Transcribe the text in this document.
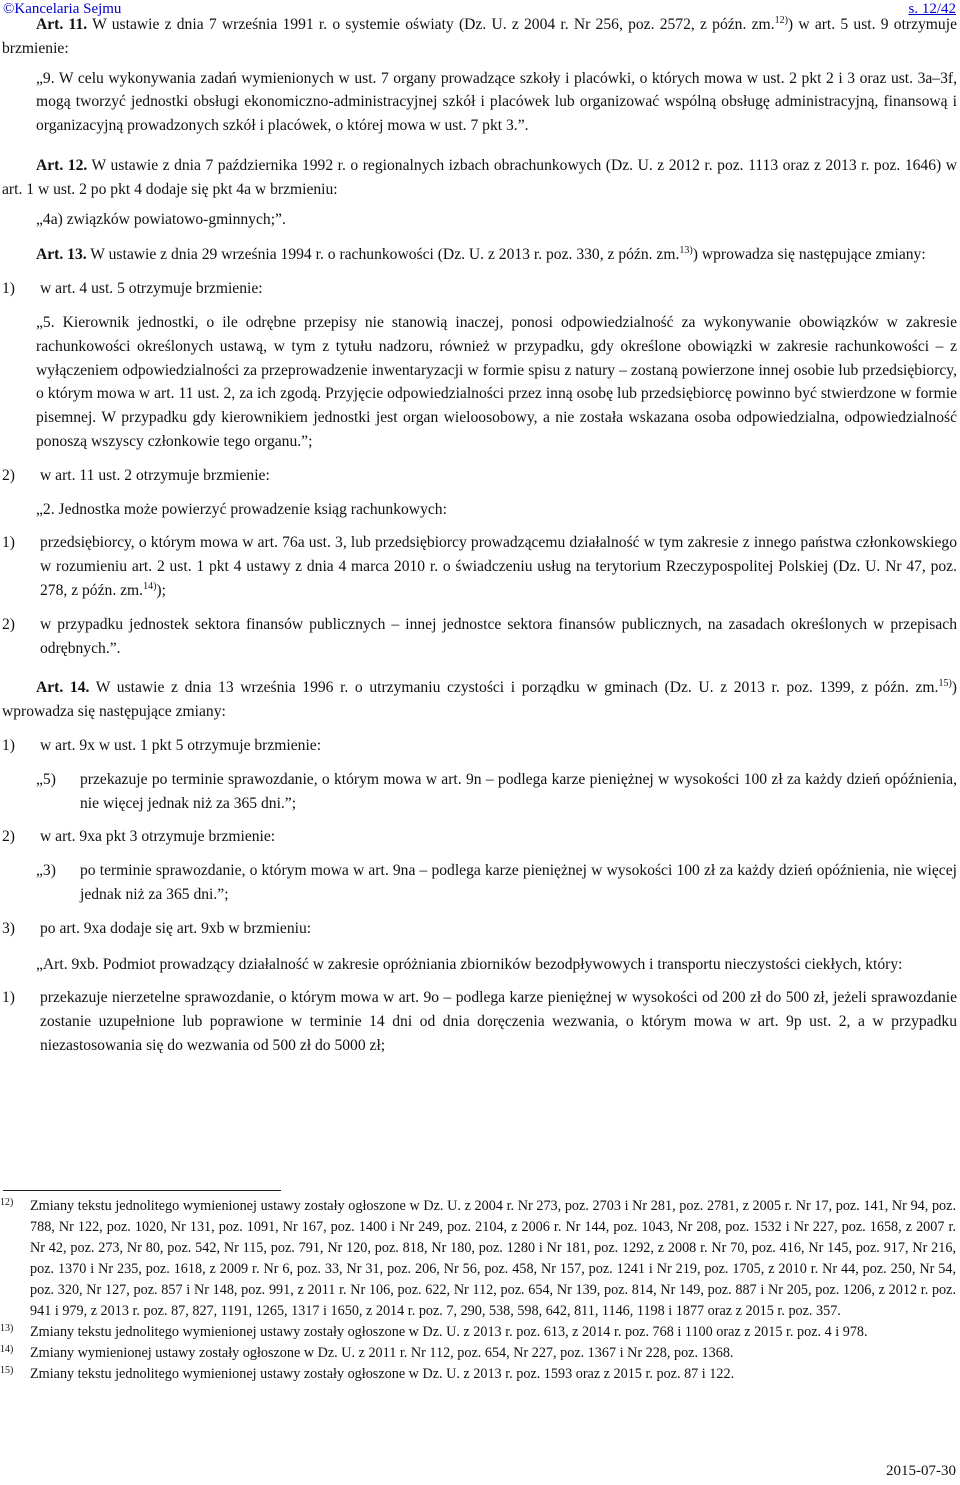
©Kancelaria Sejmu	s. 12/42

Art. 11. W ustawie z dnia 7 września 1991 r. o systemie oświaty (Dz. U. z 2004 r. Nr 256, poz. 2572, z późn. zm.$^{12)}$) w art. 5 ust. 9 otrzymuje brzmienie:

„9. W celu wykonywania zadań wymienionych w ust. 7 organy prowadzące szkoły i placówki, o których mowa w ust. 2 pkt 2 i 3 oraz ust. 3a–3f, mogą tworzyć jednostki obsługi ekonomiczno-administracyjnej szkół i placówek lub organizować wspólną obsługę administracyjną, finansową i organizacyjną prowadzonych szkół i placówek, o której mowa w ust. 7 pkt 3.”.

Art. 12. W ustawie z dnia 7 października 1992 r. o regionalnych izbach obrachunkowych (Dz. U. z 2012 r. poz. 1113 oraz z 2013 r. poz. 1646) w art. 1 w ust. 2 po pkt 4 dodaje się pkt 4a w brzmieniu:

„4a) związków powiatowo-gminnych;”.

Art. 13. W ustawie z dnia 29 września 1994 r. o rachunkowości (Dz. U. z 2013 r. poz. 330, z późn. zm.$^{13)}$) wprowadza się następujące zmiany:

1)	w art. 4 ust. 5 otrzymuje brzmienie:

„5. Kierownik jednostki, o ile odrębne przepisy nie stanowią inaczej, ponosi odpowiedzialność za wykonywanie obowiązków w zakresie rachunkowości określonych ustawą, w tym z tytułu nadzoru, również w przypadku, gdy określone obowiązki w zakresie rachunkowości – z wyłączeniem odpowiedzialności za przeprowadzenie inwentaryzacji w formie spisu z natury – zostaną powierzone innej osobie lub przedsiębiorcy, o którym mowa w art. 11 ust. 2, za ich zgodą. Przyjęcie odpowiedzialności przez inną osobę lub przedsiębiorcę powinno być stwierdzone w formie pisemnej. W przypadku gdy kierownikiem jednostki jest organ wieloosobowy, a nie została wskazana osoba odpowiedzialna, odpowiedzialność ponoszą wszyscy członkowie tego organu.”;

2)	w art. 11 ust. 2 otrzymuje brzmienie:

„2. Jednostka może powierzyć prowadzenie ksiąg rachunkowych:

1)	przedsiębiorcy, o którym mowa w art. 76a ust. 3, lub przedsiębiorcy prowadzącemu działalność w tym zakresie z innego państwa członkowskiego w rozumieniu art. 2 ust. 1 pkt 4 ustawy z dnia 4 marca 2010 r. o świadczeniu usług na terytorium Rzeczypospolitej Polskiej (Dz. U. Nr 47, poz. 278, z późn. zm.$^{14)}$);
2)	w przypadku jednostek sektora finansów publicznych – innej jednostce sektora finansów publicznych, na zasadach określonych w przepisach odrębnych.”.

Art. 14. W ustawie z dnia 13 września 1996 r. o utrzymaniu czystości i porządku w gminach (Dz. U. z 2013 r. poz. 1399, z późn. zm.$^{15)}$) wprowadza się następujące zmiany:

1)	w art. 9x w ust. 1 pkt 5 otrzymuje brzmienie:
„5)	przekazuje po terminie sprawozdanie, o którym mowa w art. 9n – podlega karze pieniężnej w wysokości 100 zł za każdy dzień opóźnienia, nie więcej jednak niż za 365 dni.”;
2)	w art. 9xa pkt 3 otrzymuje brzmienie:
„3)	po terminie sprawozdanie, o którym mowa w art. 9na – podlega karze pieniężnej w wysokości 100 zł za każdy dzień opóźnienia, nie więcej jednak niż za 365 dni.”;
3)	po art. 9xa dodaje się art. 9xb w brzmieniu:

„Art. 9xb. Podmiot prowadzący działalność w zakresie opróżniania zbiorników bezodpływowych i transportu nieczystości ciekłych, który:

1)	przekazuje nierzetelne sprawozdanie, o którym mowa w art. 9o – podlega karze pieniężnej w wysokości od 200 zł do 500 zł, jeżeli sprawozdanie zostanie uzupełnione lub poprawione w terminie 14 dni od dnia doręczenia wezwania, o którym mowa w art. 9p ust. 2, a w przypadku niezastosowania się do wezwania od 500 zł do 5000 zł;
12)	Zmiany tekstu jednolitego wymienionej ustawy zostały ogłoszone w Dz. U. z 2004 r. Nr 273, poz. 2703 i Nr 281, poz. 2781, z 2005 r. Nr 17, poz. 141, Nr 94, poz. 788, Nr 122, poz. 1020, Nr 131, poz. 1091, Nr 167, poz. 1400 i Nr 249, poz. 2104, z 2006 r. Nr 144, poz. 1043, Nr 208, poz. 1532 i Nr 227, poz. 1658, z 2007 r. Nr 42, poz. 273, Nr 80, poz. 542, Nr 115, poz. 791, Nr 120, poz. 818, Nr 180, poz. 1280 i Nr 181, poz. 1292, z 2008 r. Nr 70, poz. 416, Nr 145, poz. 917, Nr 216, poz. 1370 i Nr 235, poz. 1618, z 2009 r. Nr 6, poz. 33, Nr 31, poz. 206, Nr 56, poz. 458, Nr 157, poz. 1241 i Nr 219, poz. 1705, z 2010 r. Nr 44, poz. 250, Nr 54, poz. 320, Nr 127, poz. 857 i Nr 148, poz. 991, z 2011 r. Nr 106, poz. 622, Nr 112, poz. 654, Nr 139, poz. 814, Nr 149, poz. 887 i Nr 205, poz. 1206, z 2012 r. poz. 941 i 979, z 2013 r. poz. 87, 827, 1191, 1265, 1317 i 1650, z 2014 r. poz. 7, 290, 538, 598, 642, 811, 1146, 1198 i 1877 oraz z 2015 r. poz. 357.
13)	Zmiany tekstu jednolitego wymienionej ustawy zostały ogłoszone w Dz. U. z 2013 r. poz. 613, z 2014 r. poz. 768 i 1100 oraz z 2015 r. poz. 4 i 978.
14)	Zmiany wymienionej ustawy zostały ogłoszone w Dz. U. z 2011 r. Nr 112, poz. 654, Nr 227, poz. 1367 i Nr 228, poz. 1368.
15)	Zmiany tekstu jednolitego wymienionej ustawy zostały ogłoszone w Dz. U. z 2013 r. poz. 1593 oraz z 2015 r. poz. 87 i 122.
2015-07-30
